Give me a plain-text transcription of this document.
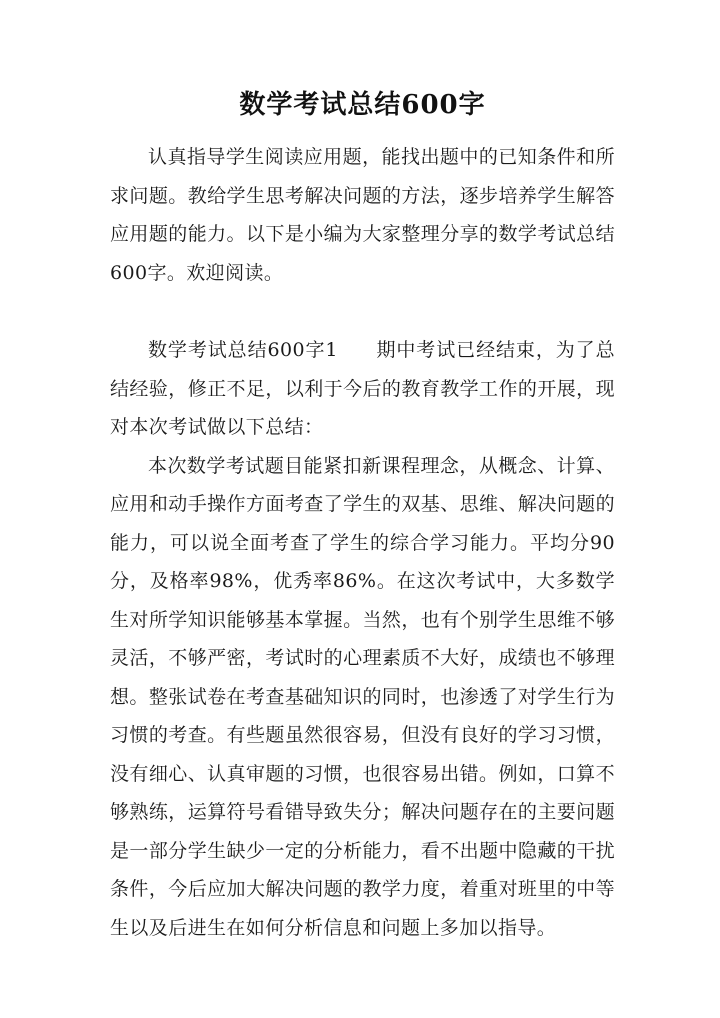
数学考试总结600字

认真指导学生阅读应用题，能找出题中的已知条件和所求问题。教给学生思考解决问题的方法，逐步培养学生解答应用题的能力。以下是小编为大家整理分享的数学考试总结600字。欢迎阅读。

数学考试总结600字1 期中考试已经结束，为了总结经验，修正不足，以利于今后的教育教学工作的开展，现对本次考试做以下总结：

本次数学考试题目能紧扣新课程理念，从概念、计算、应用和动手操作方面考查了学生的双基、思维、解决问题的能力，可以说全面考查了学生的综合学习能力。平均分90分，及格率98%，优秀率86%。在这次考试中，大多数学生对所学知识能够基本掌握。当然，也有个别学生思维不够灵活，不够严密，考试时的心理素质不大好，成绩也不够理想。整张试卷在考查基础知识的同时，也渗透了对学生行为习惯的考查。有些题虽然很容易，但没有良好的学习习惯，没有细心、认真审题的习惯，也很容易出错。例如，口算不够熟练，运算符号看错导致失分；解决问题存在的主要问题是一部分学生缺少一定的分析能力，看不出题中隐藏的干扰条件，今后应加大解决问题的教学力度，着重对班里的中等生以及后进生在如何分析信息和问题上多加以指导。
